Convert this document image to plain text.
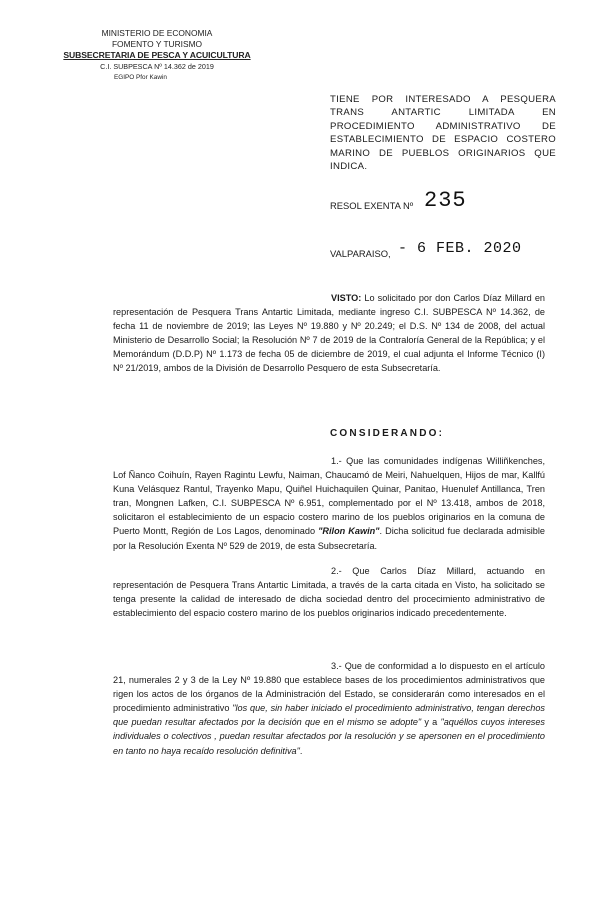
MINISTERIO DE ECONOMIA
FOMENTO Y TURISMO
SUBSECRETARIA DE PESCA Y ACUICULTURA
C.I. SUBPESCA Nº 14.362 de 2019
EGIPO Pfor Kawin
TIENE POR INTERESADO A PESQUERA TRANS ANTARTIC LIMITADA EN PROCEDIMIENTO ADMINISTRATIVO DE ESTABLECIMIENTO DE ESPACIO COSTERO MARINO DE PUEBLOS ORIGINARIOS QUE INDICA.
RESOL EXENTA Nº 235
VALPARAISO, - 6 FEB. 2020
VISTO: Lo solicitado por don Carlos Díaz Millard en representación de Pesquera Trans Antartic Limitada, mediante ingreso C.I. SUBPESCA Nº 14.362, de fecha 11 de noviembre de 2019; las Leyes Nº 19.880 y Nº 20.249; el D.S. Nº 134 de 2008, del actual Ministerio de Desarrollo Social; la Resolución Nº 7 de 2019 de la Contraloría General de la República; y el Memorándum (D.D.P) Nº 1.173 de fecha 05 de diciembre de 2019, el cual adjunta el Informe Técnico (I) Nº 21/2019, ambos de la División de Desarrollo Pesquero de esta Subsecretaría.
CONSIDERANDO:
1.- Que las comunidades indígenas Williñkenches, Lof Ñanco Coihuín, Rayen Ragintu Lewfu, Naiman, Chaucamó de Meiri, Nahuelquen, Hijos de mar, Kallfú Kuna Velásquez Rantul, Trayenko Mapu, Quiñel Huichaquilen Quinar, Panitao, Huenulef Antillanca, Tren tran, Mongnen Lafken, C.I. SUBPESCA Nº 6.951, complementado por el Nº 13.418, ambos de 2018, solicitaron el establecimiento de un espacio costero marino de los pueblos originarios en la comuna de Puerto Montt, Región de Los Lagos, denominado "Rilon Kawin". Dicha solicitud fue declarada admisible por la Resolución Exenta Nº 529 de 2019, de esta Subsecretaría.
2.- Que Carlos Díaz Millard, actuando en representación de Pesquera Trans Antartic Limitada, a través de la carta citada en Visto, ha solicitado se tenga presente la calidad de interesado de dicha sociedad dentro del procecimiento administrativo de establecimiento del espacio costero marino de los pueblos originarios indicado precedentemente.
3.- Que de conformidad a lo dispuesto en el artículo 21, numerales 2 y 3 de la Ley Nº 19.880 que establece bases de los procedimientos administrativos que rigen los actos de los órganos de la Administración del Estado, se considerarán como interesados en el procedimiento administrativo "los que, sin haber iniciado el procedimiento administrativo, tengan derechos que puedan resultar afectados por la decisión que en el mismo se adopte" y a "aquéllos cuyos intereses individuales o colectivos , puedan resultar afectados por la resolución y se apersonen en el procedimiento en tanto no haya recaído resolución definitiva".
